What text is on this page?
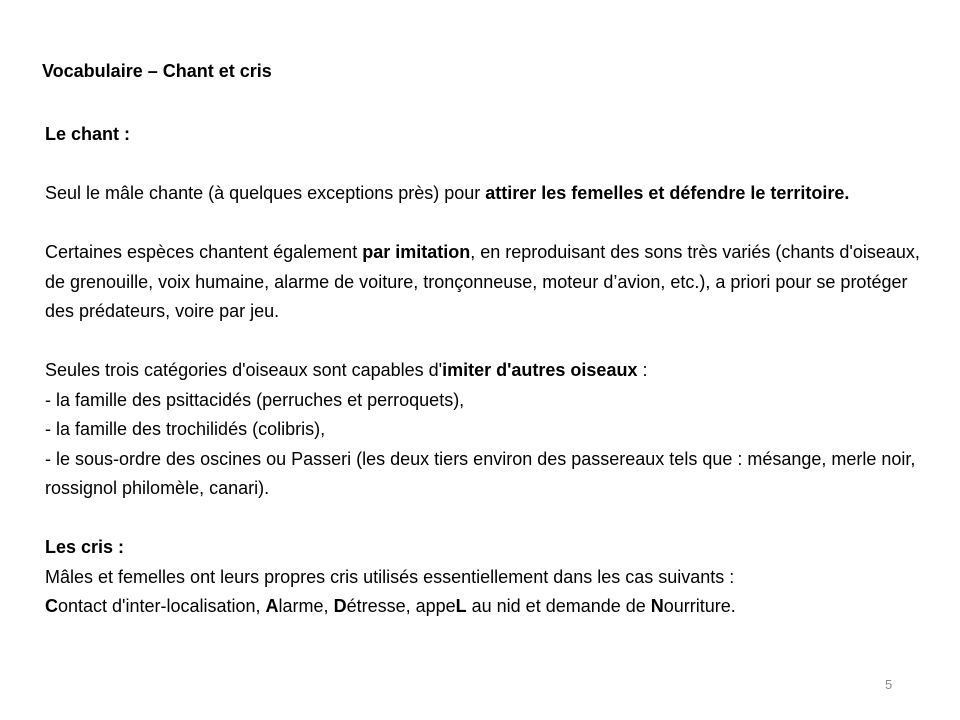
Vocabulaire – Chant et cris

Le chant :

Seul le mâle chante (à quelques exceptions près) pour attirer les femelles et défendre le territoire.

Certaines espèces chantent également par imitation, en reproduisant des sons très variés (chants d'oiseaux, de grenouille, voix humaine, alarme de voiture, tronçonneuse, moteur d’avion, etc.), a priori pour se protéger des prédateurs, voire par jeu.

Seules trois catégories d'oiseaux sont capables d'imiter d'autres oiseaux :

- la famille des psittacidés (perruches et perroquets),

- la famille des trochilidés (colibris),

- le sous-ordre des oscines ou Passeri (les deux tiers environ des passereaux tels que : mésange, merle noir, rossignol philomèle, canari).

Les cris :

Mâles et femelles ont leurs propres cris utilisés essentiellement dans les cas suivants :

Contact d'inter-localisation, Alarme, Détresse, appeL au nid et demande de Nourriture.

5
